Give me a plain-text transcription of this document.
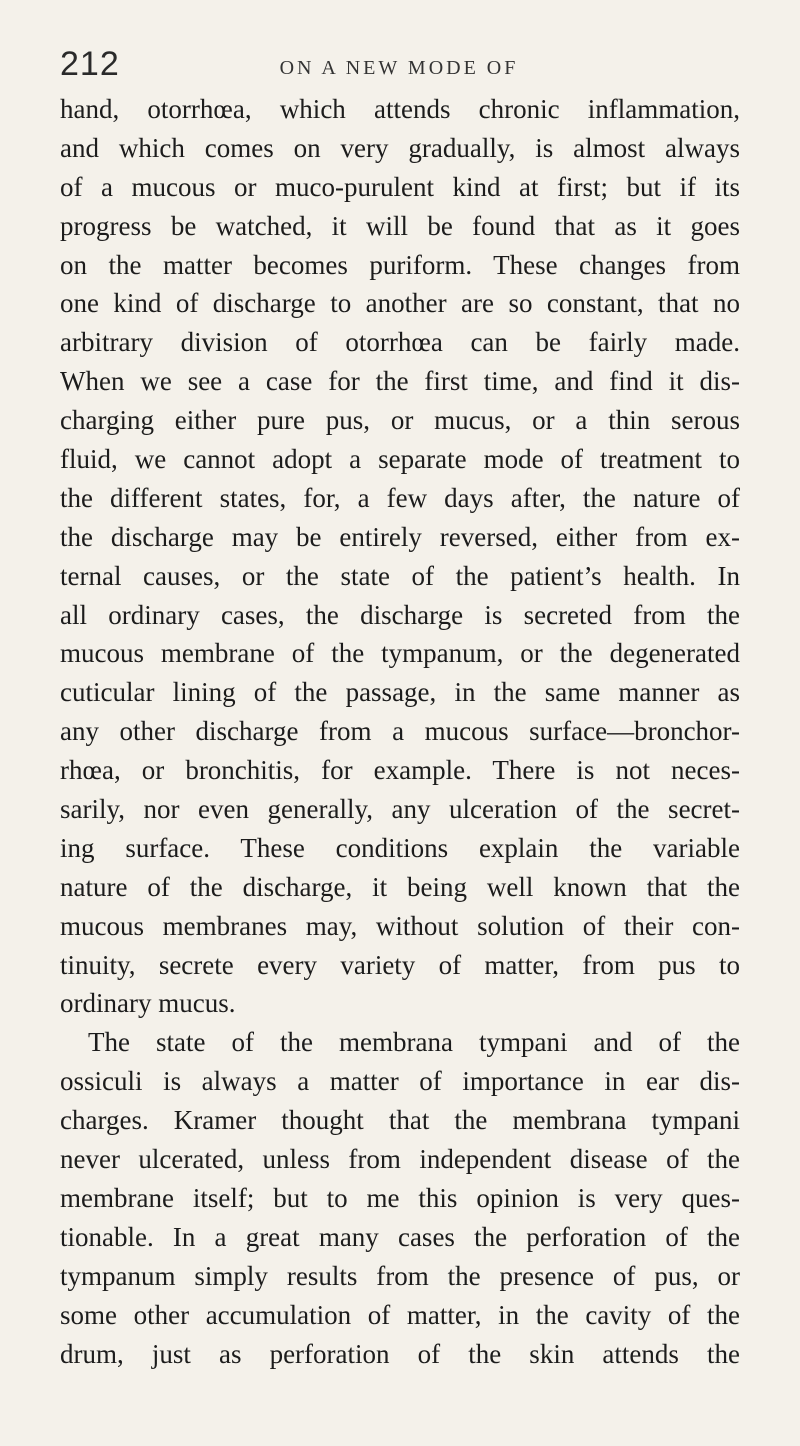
212	ON A NEW MODE OF
hand, otorrhœa, which attends chronic inflammation,
and which comes on very gradually, is almost always
of a mucous or muco-purulent kind at first; but if its
progress be watched, it will be found that as it goes
on the matter becomes puriform. These changes from
one kind of discharge to another are so constant, that no
arbitrary division of otorrhœa can be fairly made.
When we see a case for the first time, and find it dis-
charging either pure pus, or mucus, or a thin serous
fluid, we cannot adopt a separate mode of treatment to
the different states, for, a few days after, the nature of
the discharge may be entirely reversed, either from ex-
ternal causes, or the state of the patient’s health. In
all ordinary cases, the discharge is secreted from the
mucous membrane of the tympanum, or the degenerated
cuticular lining of the passage, in the same manner as
any other discharge from a mucous surface—bronchor-
rhœa, or bronchitis, for example. There is not neces-
sarily, nor even generally, any ulceration of the secret-
ing surface. These conditions explain the variable
nature of the discharge, it being well known that the
mucous membranes may, without solution of their con-
tinuity, secrete every variety of matter, from pus to
ordinary mucus.
The state of the membrana tympani and of the
ossiculi is always a matter of importance in ear dis-
charges. Kramer thought that the membrana tympani
never ulcerated, unless from independent disease of the
membrane itself; but to me this opinion is very ques-
tionable. In a great many cases the perforation of the
tympanum simply results from the presence of pus, or
some other accumulation of matter, in the cavity of the
drum, just as perforation of the skin attends the
